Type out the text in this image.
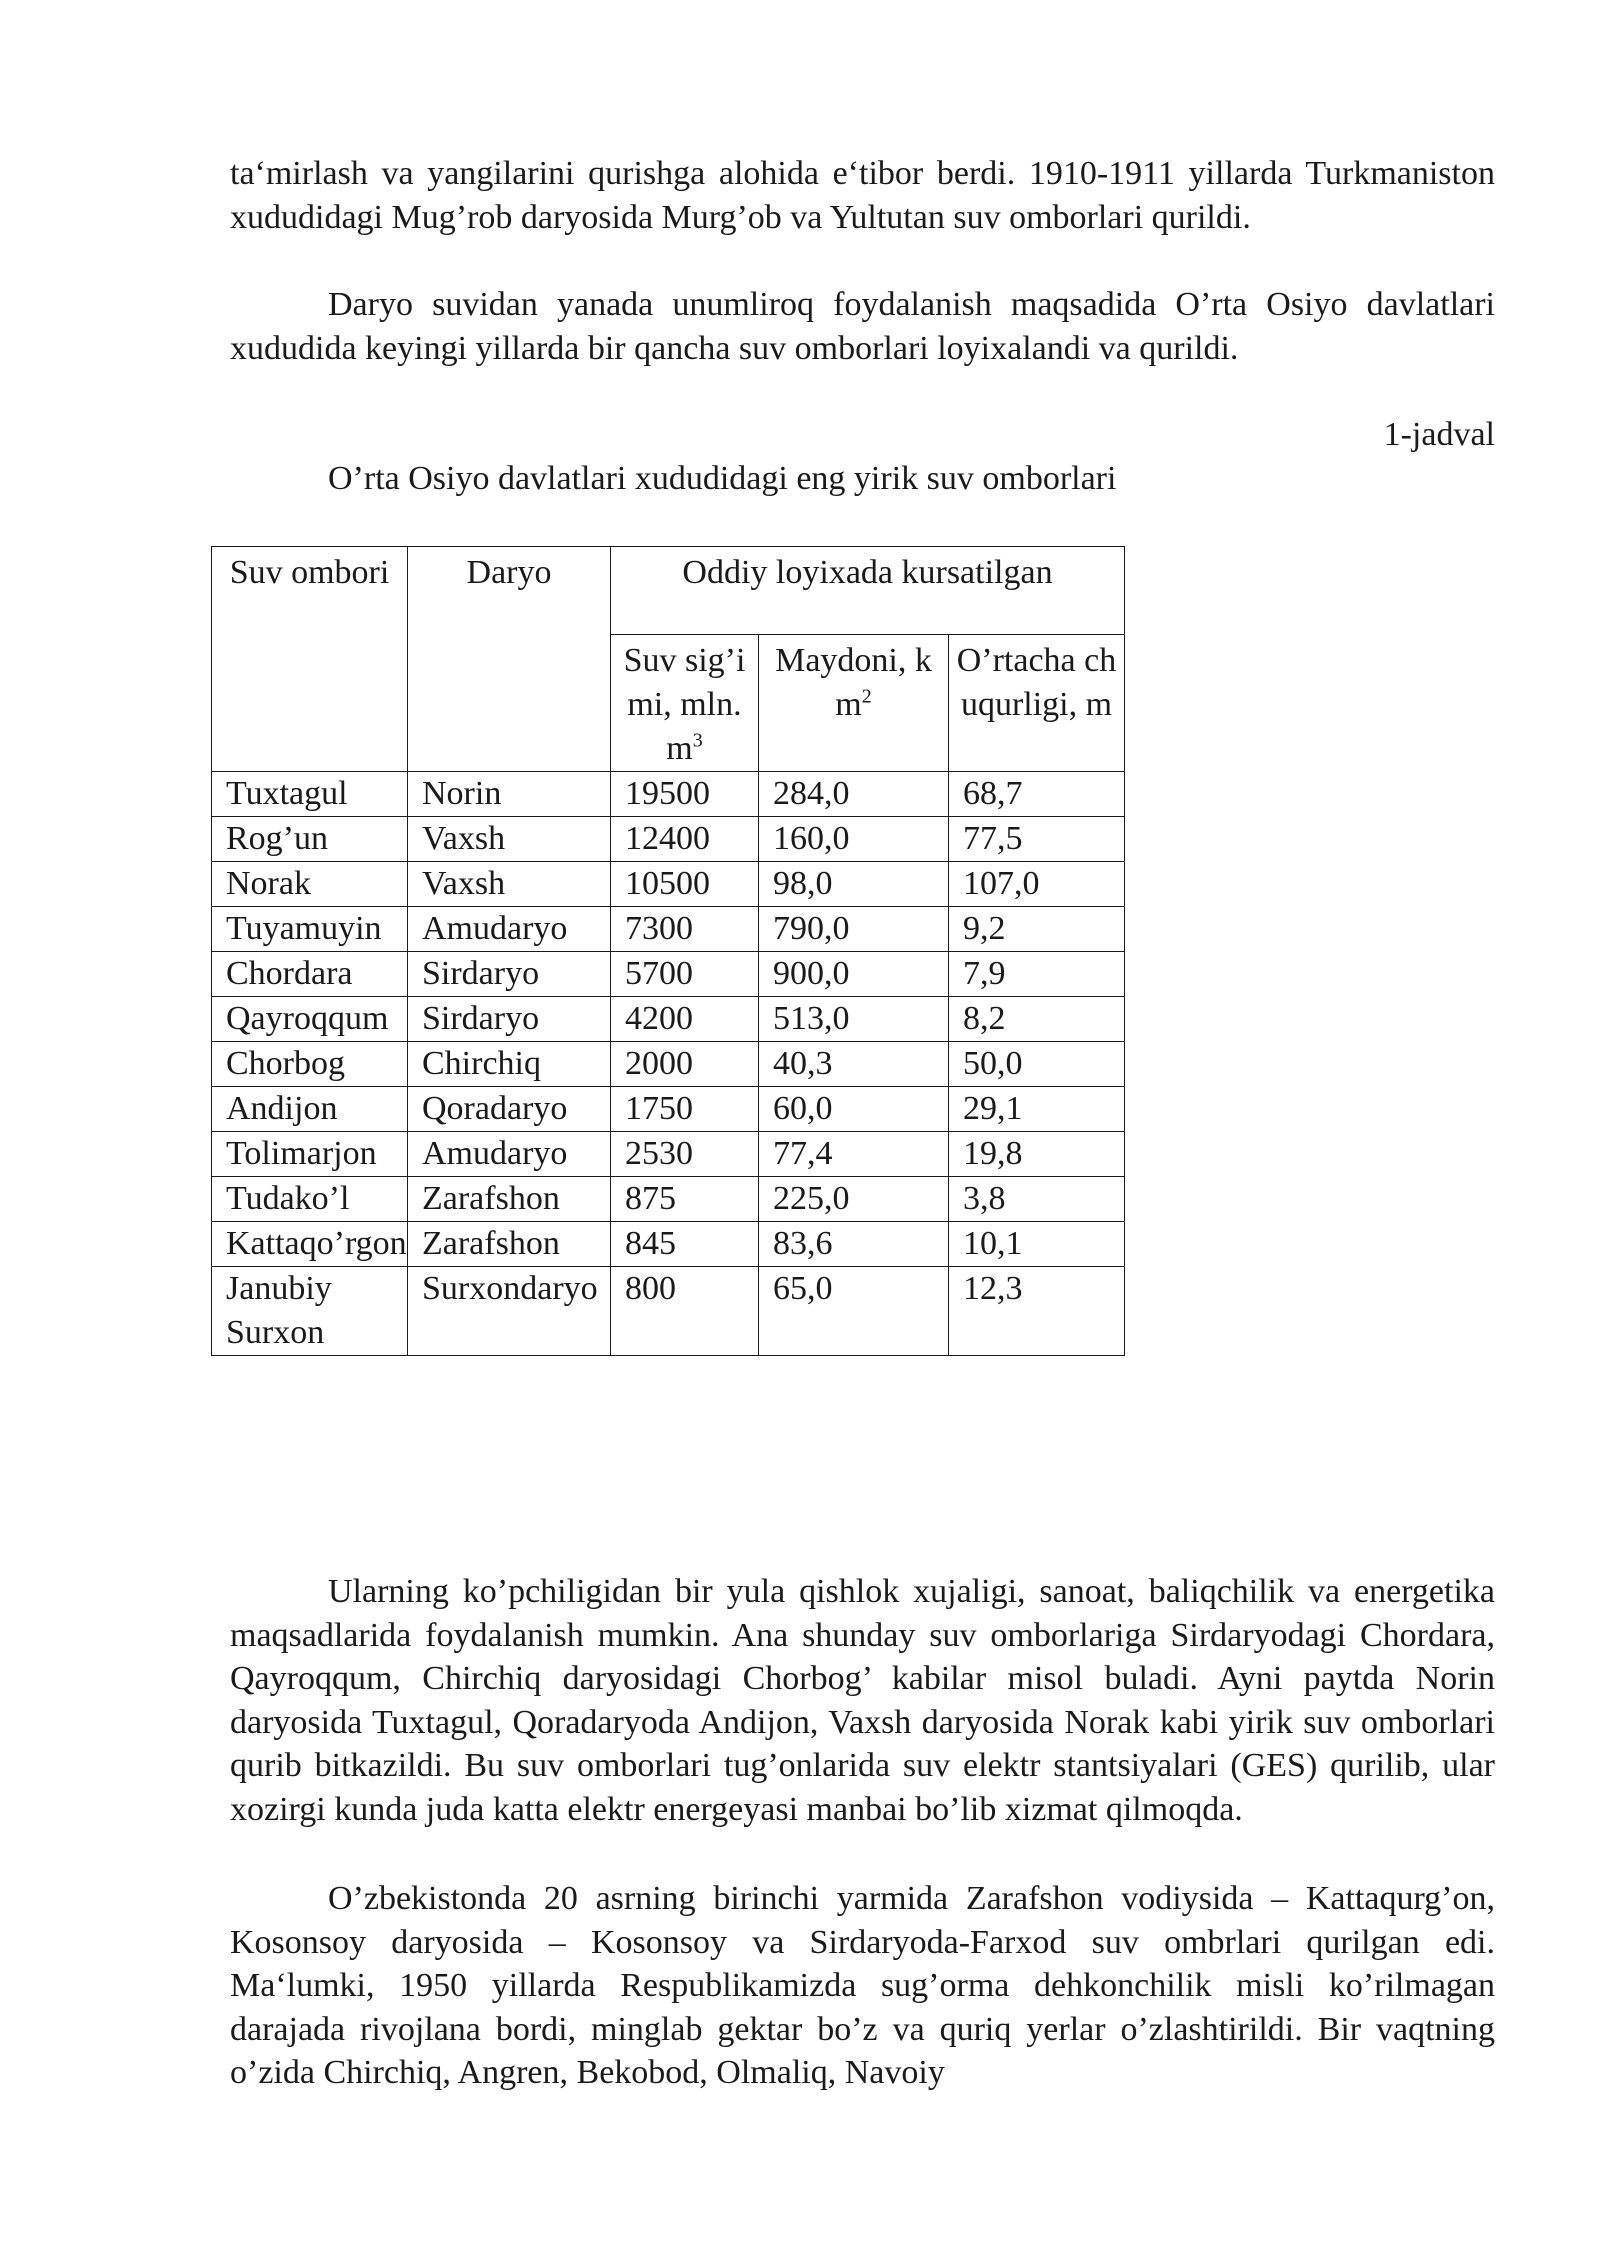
ta‘mirlash va yangilarini qurishga alohida e‘tibor berdi. 1910-1911 yillarda Turkmaniston xududidagi Mug’rob daryosida Murg’ob va Yultutan suv omborlari qurildi.

Daryo suvidan yanada unumliroq foydalanish maqsadida O’rta Osiyo davlatlari xududida keyingi yillarda bir qancha suv omborlari loyixalandi va qurildi.

1-jadval
O’rta Osiyo davlatlari xududidagi eng yirik suv omborlari
Suv ombori	Daryo	Oddiy loyixada kursatilgan		
		Suv sig’imi, $mln.m^3$	Maydoni, $km^2$	O’rtacha chuqurligi, m
Tuxtagul	Norin	19500	284,0	68,7
Rog’un	Vaxsh	12400	160,0	77,5
Norak	Vaxsh	10500	98,0	107,0
Tuyamuyin	Amudaryo	7300	790,0	9,2
Chordara	Sirdaryo	5700	900,0	7,9
Qayroqqum	Sirdaryo	4200	513,0	8,2
Chorbog	Chirchiq	2000	40,3	50,0
Andijon	Qoradaryo	1750	60,0	29,1
Tolimarjon	Amudaryo	2530	77,4	19,8
Tudako’l	Zarafshon	875	225,0	3,8
Kattaqo’rgon	Zarafshon	845	83,6	10,1
Janubiy Surxon	Surxondaryo	800	65,0	12,3

Ularning ko’pchiligidan bir yula qishlok xujaligi, sanoat, baliqchilik va energetika maqsadlarida foydalanish mumkin. Ana shunday suv omborlariga Sirdaryodagi Chordara, Qayroqqum, Chirchiq daryosidagi Chorbog’ kabilar misol buladi. Ayni paytda Norin daryosida Tuxtagul, Qoradaryoda Andijon, Vaxsh daryosida Norak kabi yirik suv omborlari qurib bitkazildi. Bu suv omborlari tug’onlarida suv elektr stantsiyalari (GES) qurilib, ular xozirgi kunda juda katta elektr energeyasi manbai bo’lib xizmat qilmoqda.

O’zbekistonda 20 asrning birinchi yarmida Zarafshon vodiysida – Kattaqurg’on, Kosonsoy daryosida – Kosonsoy va Sirdaryoda-Farxod suv ombrlari qurilgan edi. Ma‘lumki, 1950 yillarda Respublikamizda sug’orma dehkonchilik misli ko’rilmagan darajada rivojlana bordi, minglab gektar bo’z va quriq yerlar o’zlashtirildi. Bir vaqtning o’zida Chirchiq, Angren, Bekobod, Olmaliq, Navoiy
